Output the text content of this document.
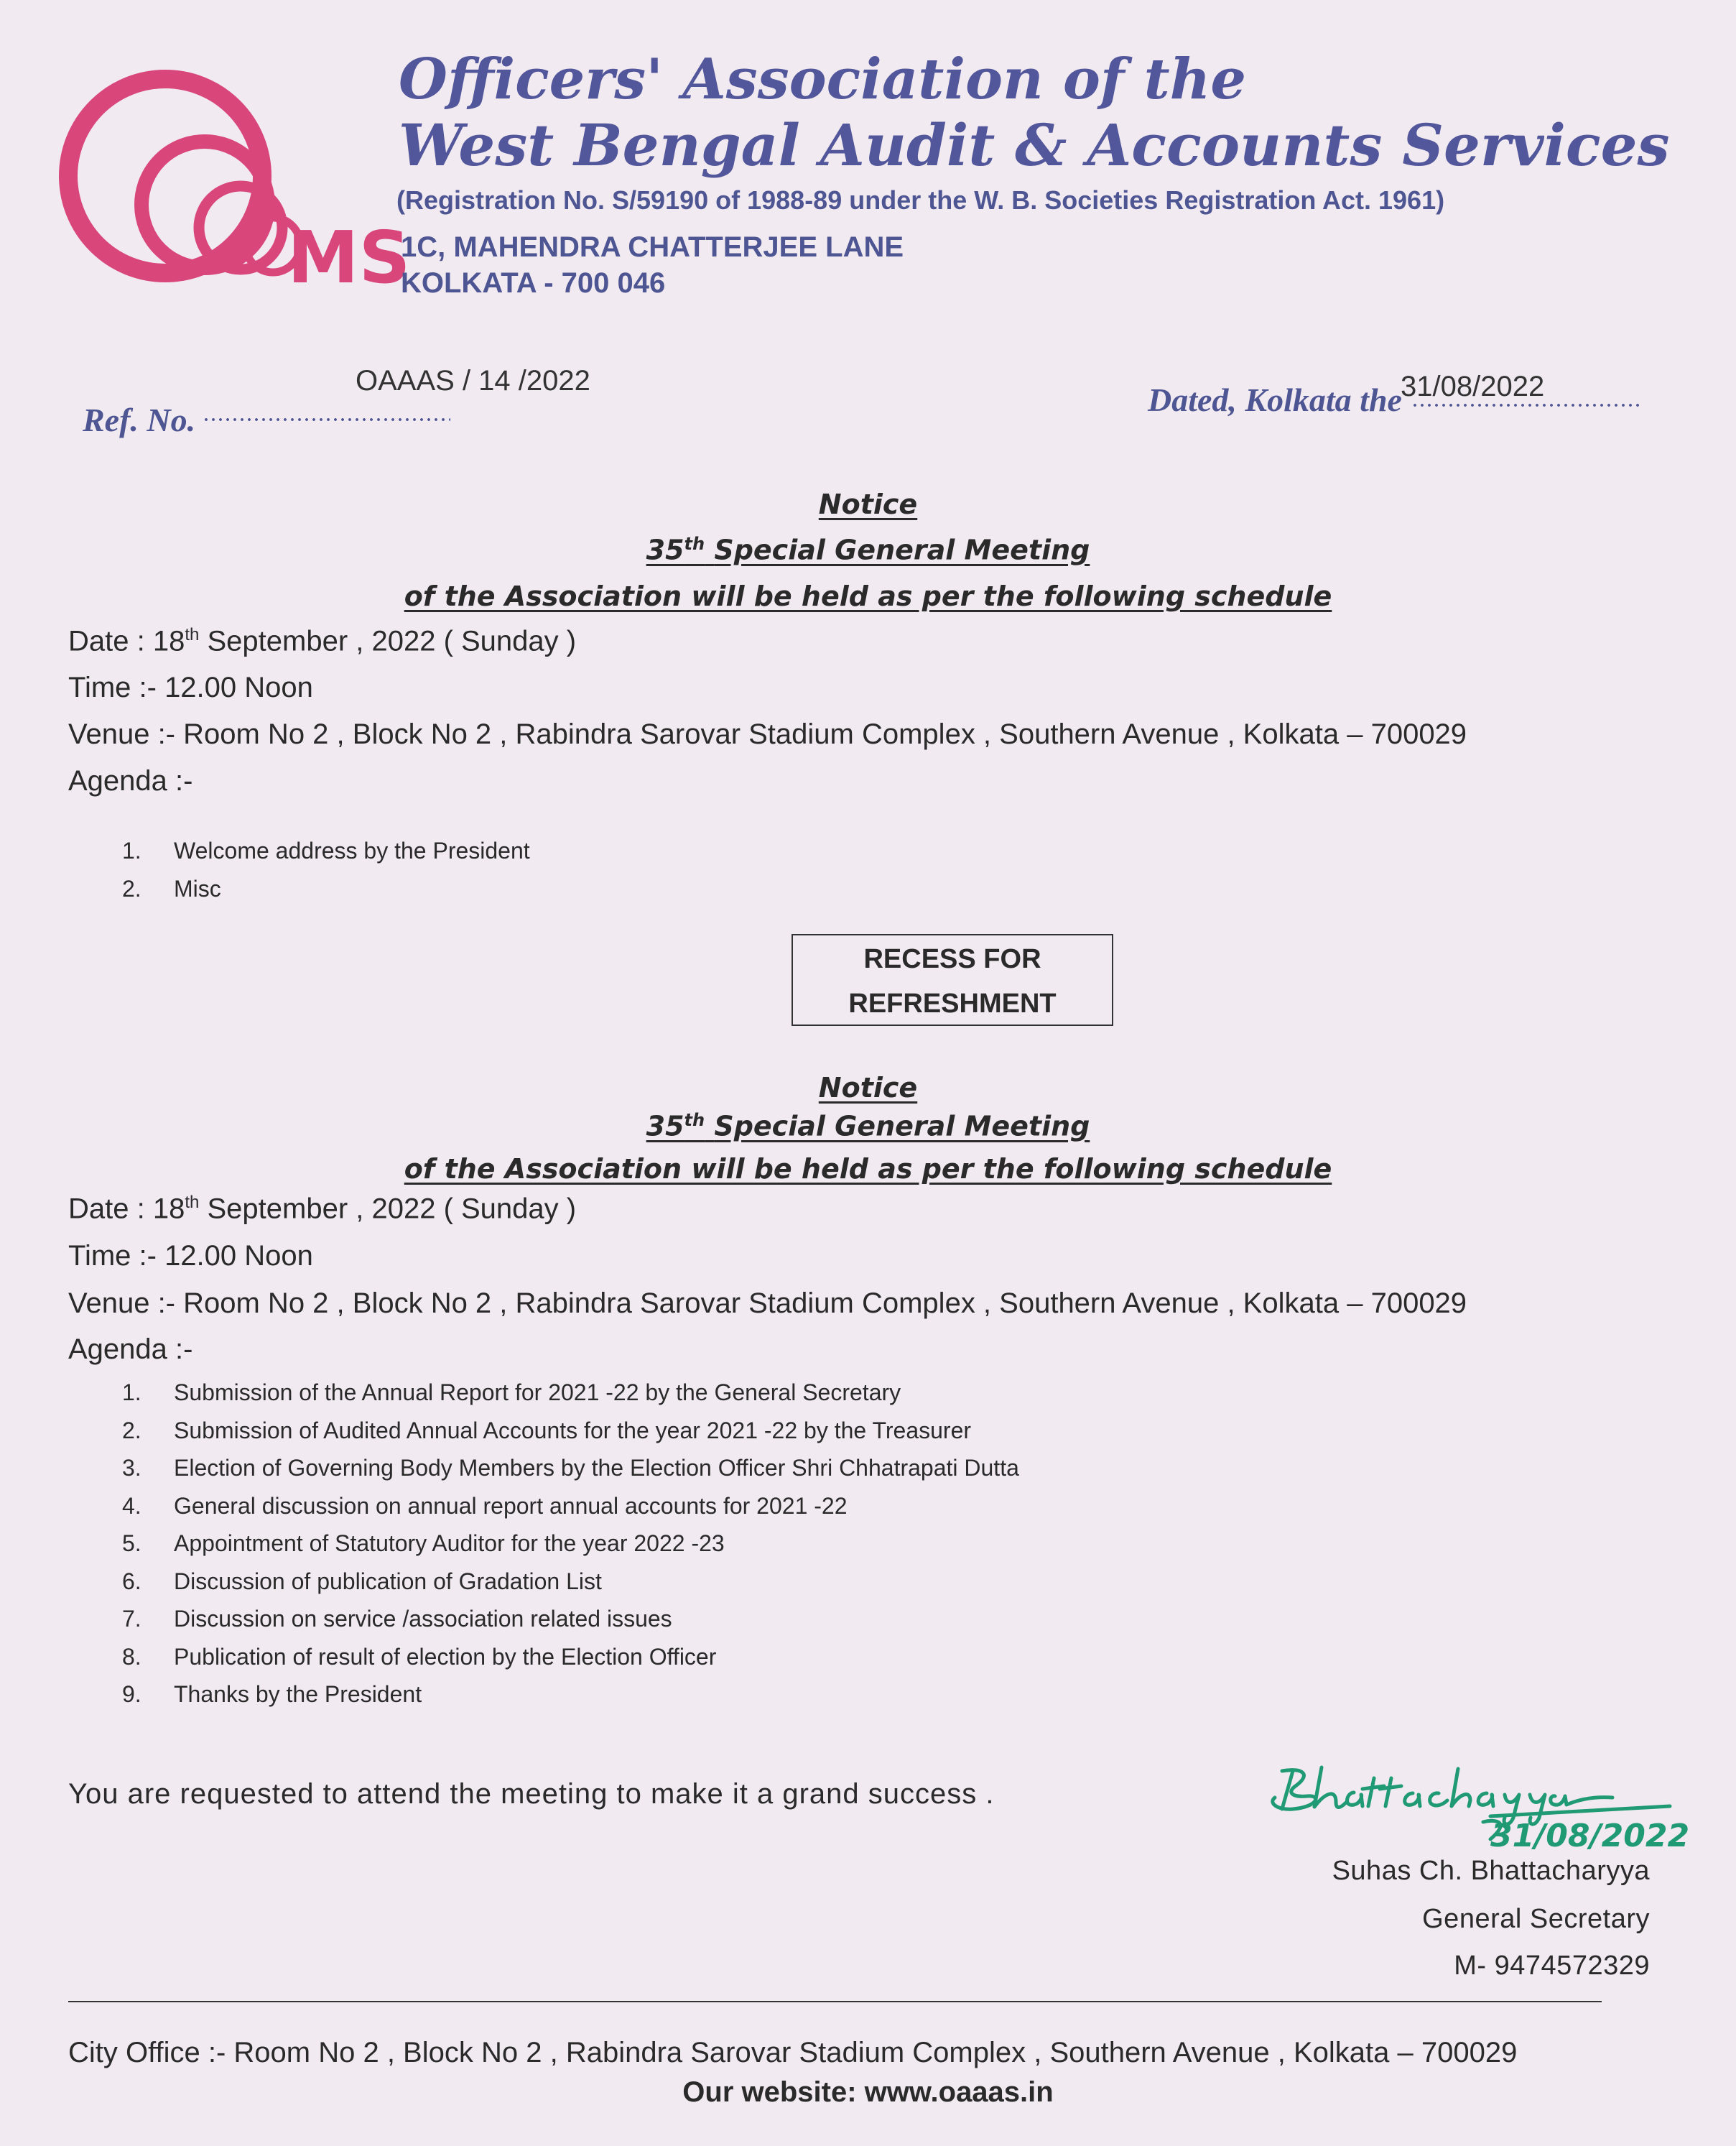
MS
Officers' Association of the
West Bengal Audit & Accounts Services

(Registration No. S/59190 of 1988-89 under the W. B. Societies Registration Act. 1961)

1C, MAHENDRA CHATTERJEE LANE

KOLKATA - 700 046

OAAAS / 14 /2022
Ref. No.
Dated, Kolkata the
31/08/2022
Notice
35th Special General Meeting
of the Association will be held as per the following schedule

Date : 18th September , 2022 ( Sunday )

Time :- 12.00 Noon

Venue :- Room No 2 , Block No 2 , Rabindra Sarovar Stadium Complex , Southern Avenue , Kolkata – 700029

Agenda :-

1. Welcome address by the President
2. Misc
RECESS FOR
REFRESHMENT
Notice
35th Special General Meeting
of the Association will be held as per the following schedule

Date : 18th September , 2022 ( Sunday )

Time :- 12.00 Noon

Venue :- Room No 2 , Block No 2 , Rabindra Sarovar Stadium Complex , Southern Avenue , Kolkata – 700029

Agenda :-

1. Submission of the Annual Report for 2021 -22 by the General Secretary
2. Submission of Audited Annual Accounts for the year 2021 -22 by the Treasurer
3. Election of Governing Body Members by the Election Officer Shri Chhatrapati Dutta
4. General discussion on annual report annual accounts for 2021 -22
5. Appointment of Statutory Auditor for the year 2022 -23
6. Discussion of publication of Gradation List
7. Discussion on service /association related issues
8. Publication of result of election by the Election Officer
9. Thanks by the President

You are requested to attend the meeting to make it a grand success .

31/08/2022

Suhas Ch. Bhattacharyya

General Secretary

M- 9474572329

City Office :- Room No 2 , Block No 2 , Rabindra Sarovar Stadium Complex , Southern Avenue , Kolkata – 700029

Our website: www.oaaas.in
